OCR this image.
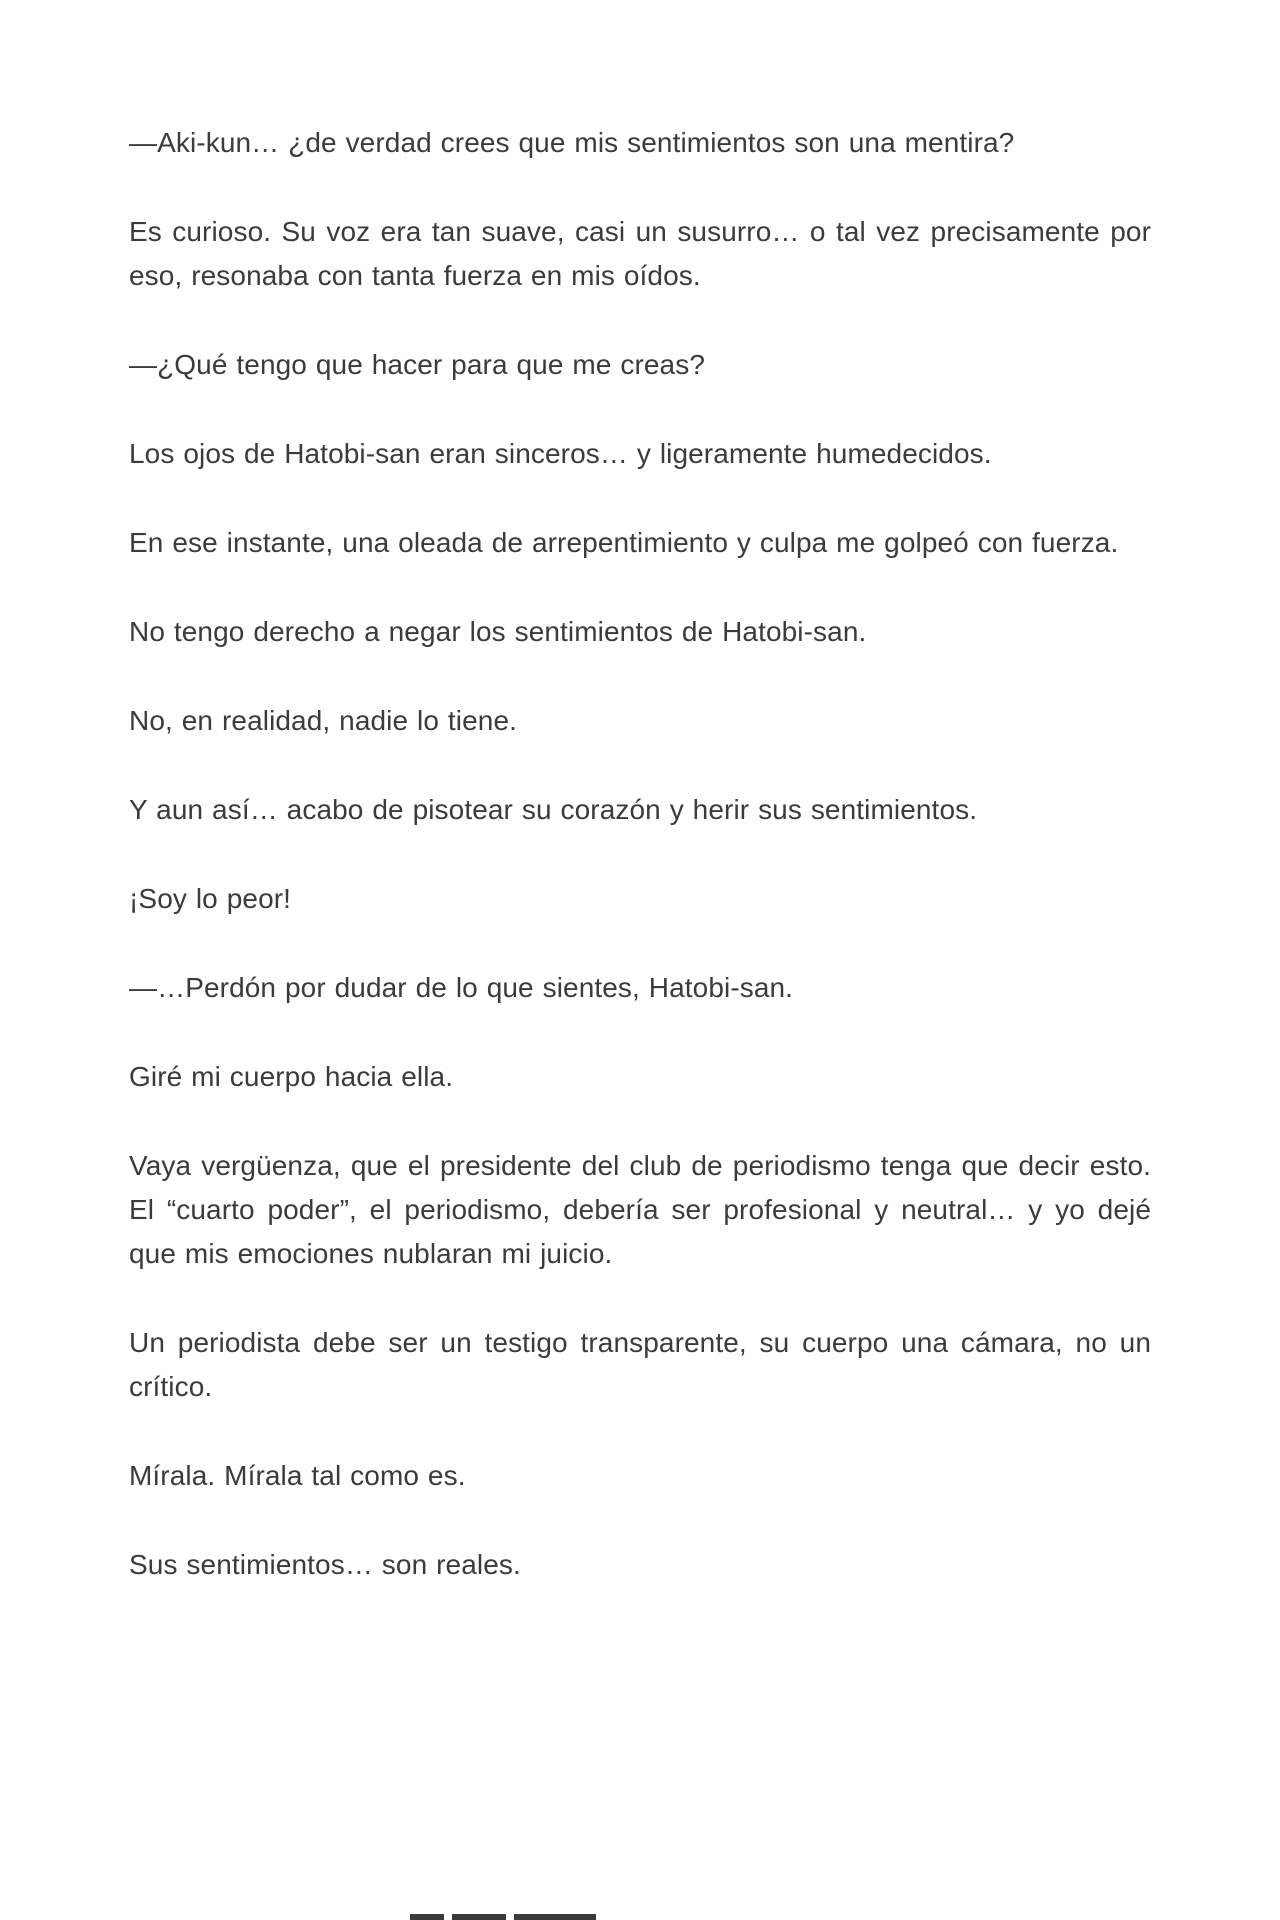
—Aki-kun… ¿de verdad crees que mis sentimientos son una mentira?

Es curioso. Su voz era tan suave, casi un susurro… o tal vez precisamente por eso, resonaba con tanta fuerza en mis oídos.

—¿Qué tengo que hacer para que me creas?

Los ojos de Hatobi-san eran sinceros… y ligeramente humedecidos.

En ese instante, una oleada de arrepentimiento y culpa me golpeó con fuerza.

No tengo derecho a negar los sentimientos de Hatobi-san.

No, en realidad, nadie lo tiene.

Y aun así… acabo de pisotear su corazón y herir sus sentimientos.

¡Soy lo peor!

—…Perdón por dudar de lo que sientes, Hatobi-san.

Giré mi cuerpo hacia ella.

Vaya vergüenza, que el presidente del club de periodismo tenga que decir esto. El “cuarto poder”, el periodismo, debería ser profesional y neutral… y yo dejé que mis emociones nublaran mi juicio.

Un periodista debe ser un testigo transparente, su cuerpo una cámara, no un crítico.

Mírala. Mírala tal como es.

Sus sentimientos… son reales.
